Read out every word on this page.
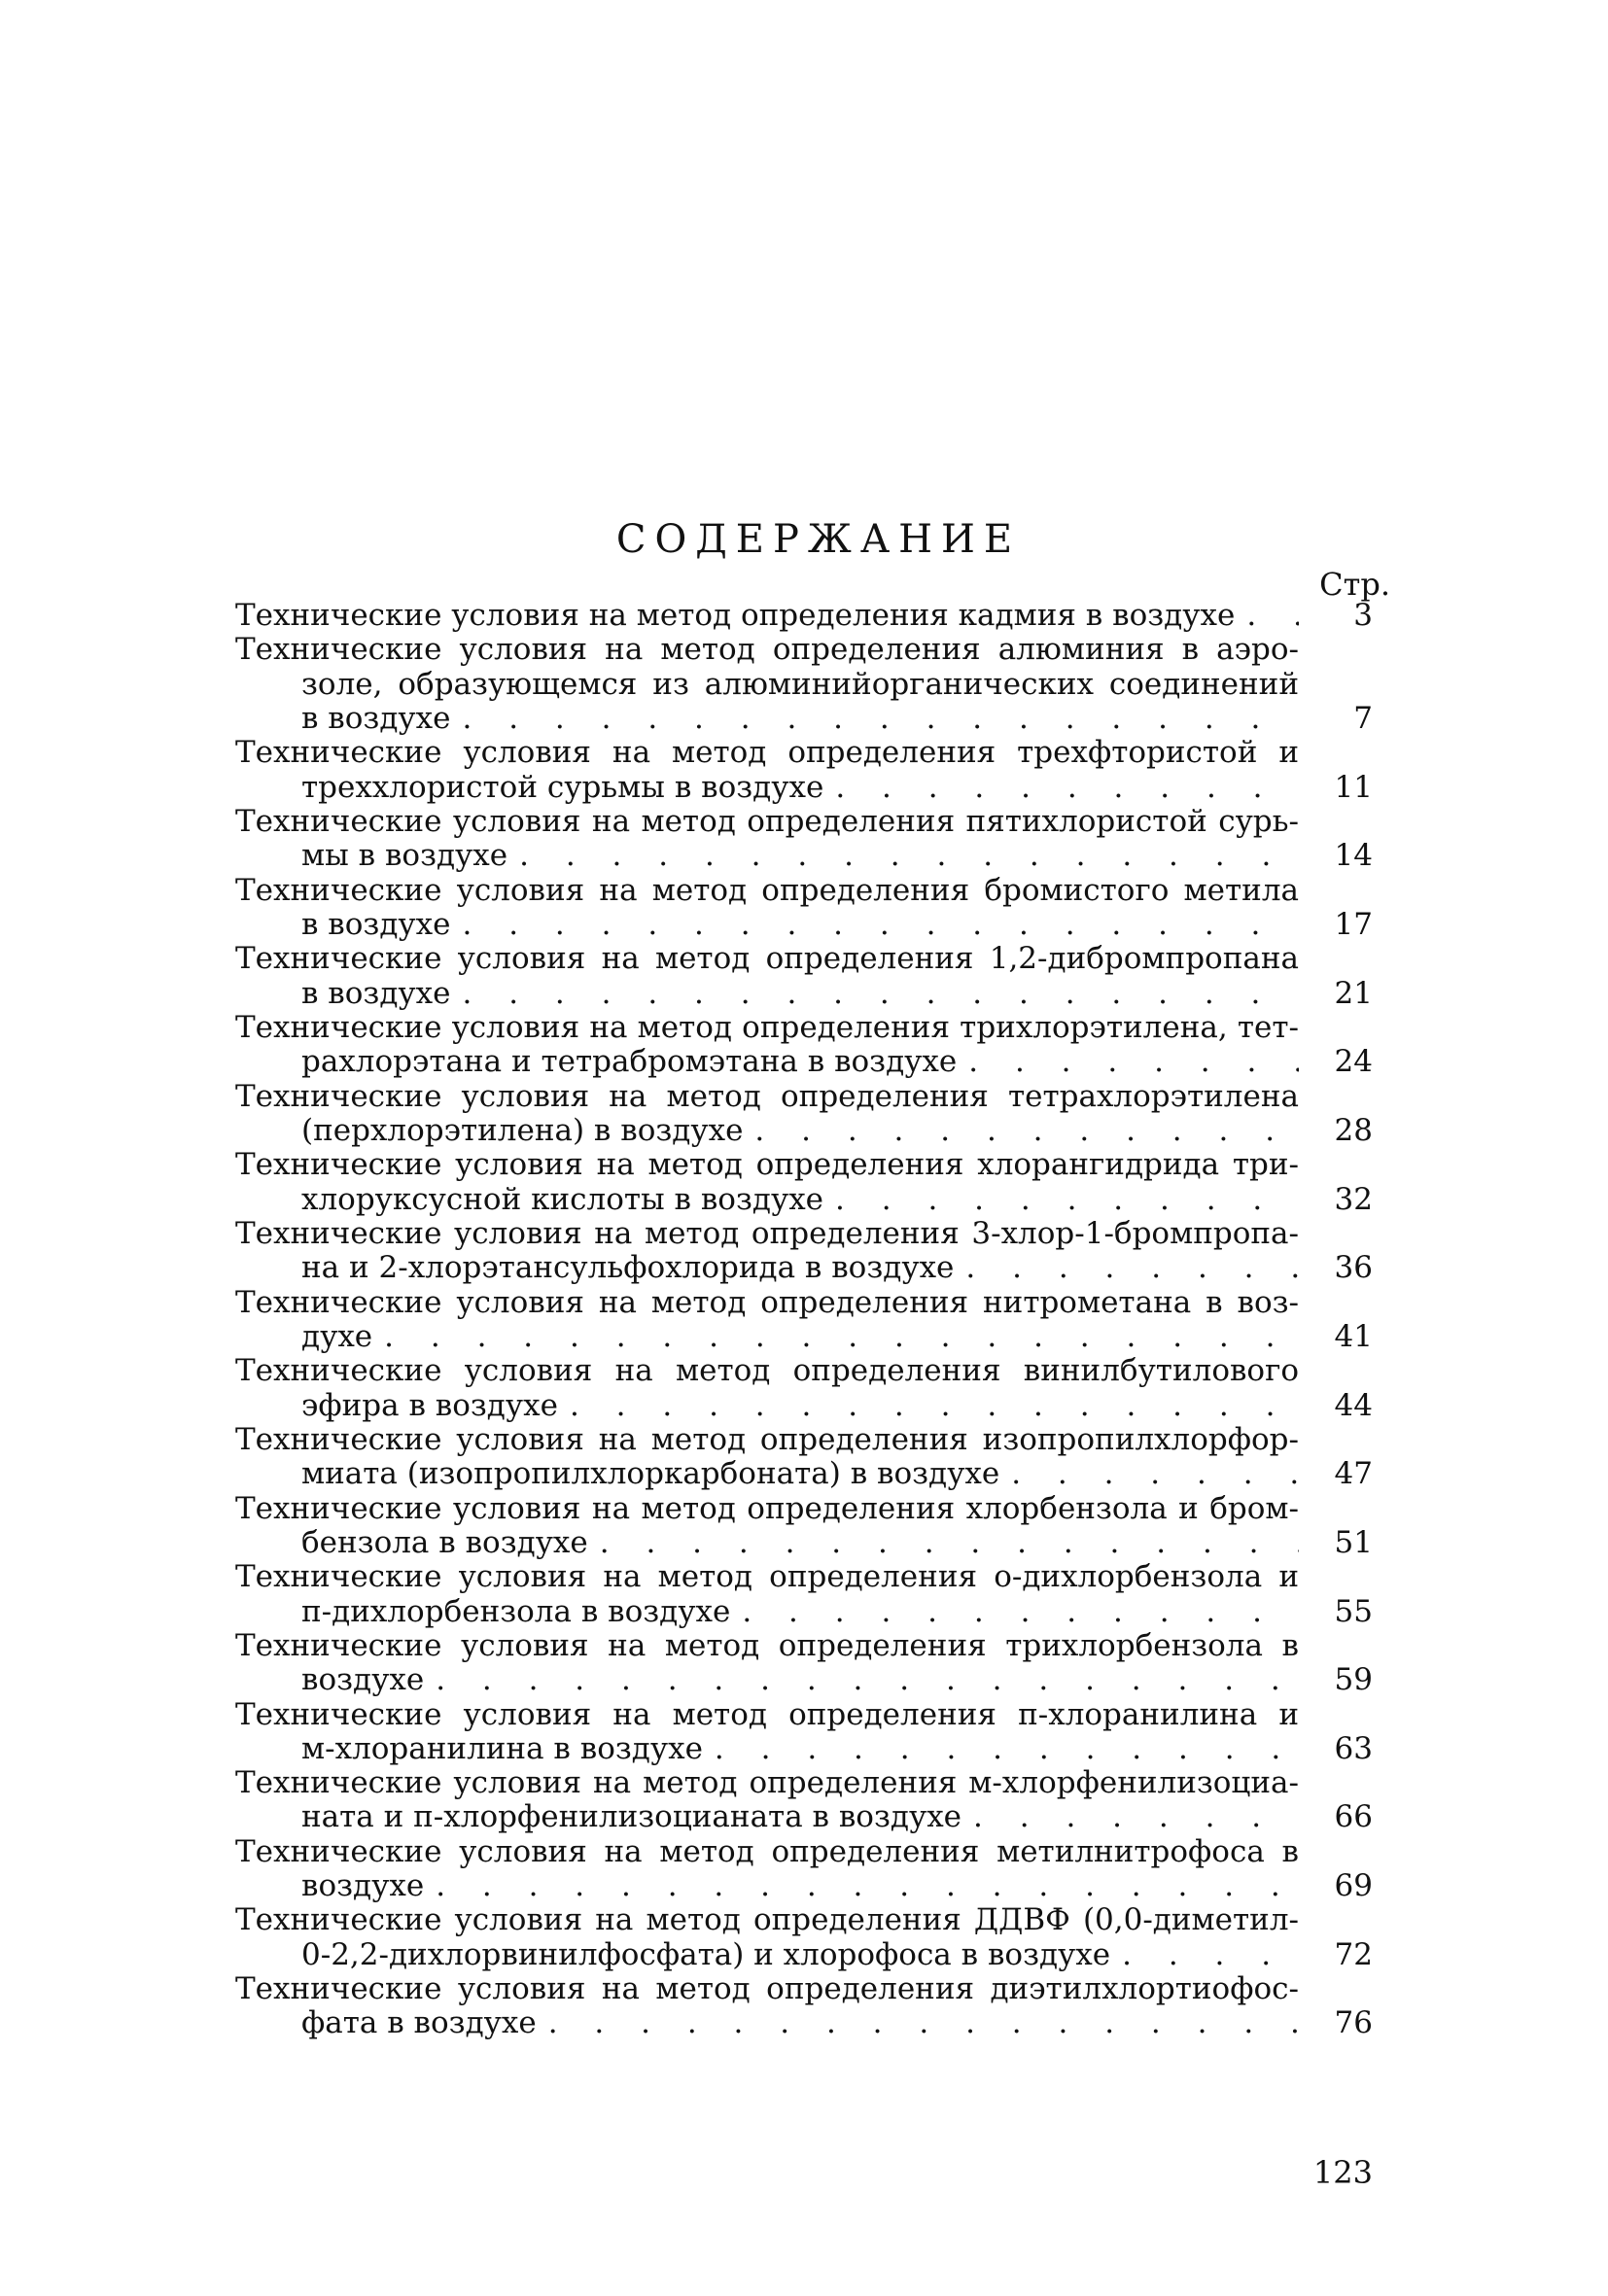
СОДЕРЖАНИЕ
Стр.
Технические условия на метод определения кадмия в воздухе . . .	3
Технические условия на метод определения алюминия в аэро-
золе, образующемся из алюминийорганических соединений
в воздухе . . .	7
Технические условия на метод определения трехфтористой и
треххлористой сурьмы в воздухе . . .	11
Технические условия на метод определения пятихлористой сурь-
мы в воздухе . . .	14
Технические условия на метод определения бромистого метила
в воздухе . . .	17
Технические условия на метод определения 1,2-дибромпропана
в воздухе . . .	21
Технические условия на метод определения трихлорэтилена, тет-
рахлорэтана и тетрабромэтана в воздухе . . .	24
Технические условия на метод определения тетрахлорэтилена
(перхлорэтилена) в воздухе . . .	28
Технические условия на метод определения хлорангидрида три-
хлоруксусной кислоты в воздухе . . .	32
Технические условия на метод определения 3-хлор-1-бромпропа-
на и 2-хлорэтансульфохлорида в воздухе . . .	36
Технические условия на метод определения нитрометана в воз-
духе . . .	41
Технические условия на метод определения винилбутилового
эфира в воздухе . . .	44
Технические условия на метод определения изопропилхлорфор-
миата (изопропилхлоркарбоната) в воздухе . . .	47
Технические условия на метод определения хлорбензола и бром-
бензола в воздухе . . .	51
Технические условия на метод определения о-дихлорбензола и
п-дихлорбензола в воздухе . . .	55
Технические условия на метод определения трихлорбензола в
воздухе . . .	59
Технические условия на метод определения п-хлоранилина и
м-хлоранилина в воздухе . . .	63
Технические условия на метод определения м-хлорфенилизоциа-
ната и п-хлорфенилизоцианата в воздухе . . .	66
Технические условия на метод определения метилнитрофоса в
воздухе . . .	69
Технические условия на метод определения ДДВФ (0,0-диметил-
0-2,2-дихлорвинилфосфата) и хлорофоса в воздухе . . .	72
Технические условия на метод определения диэтилхлортиофос-
фата в воздухе . . .	76
123
